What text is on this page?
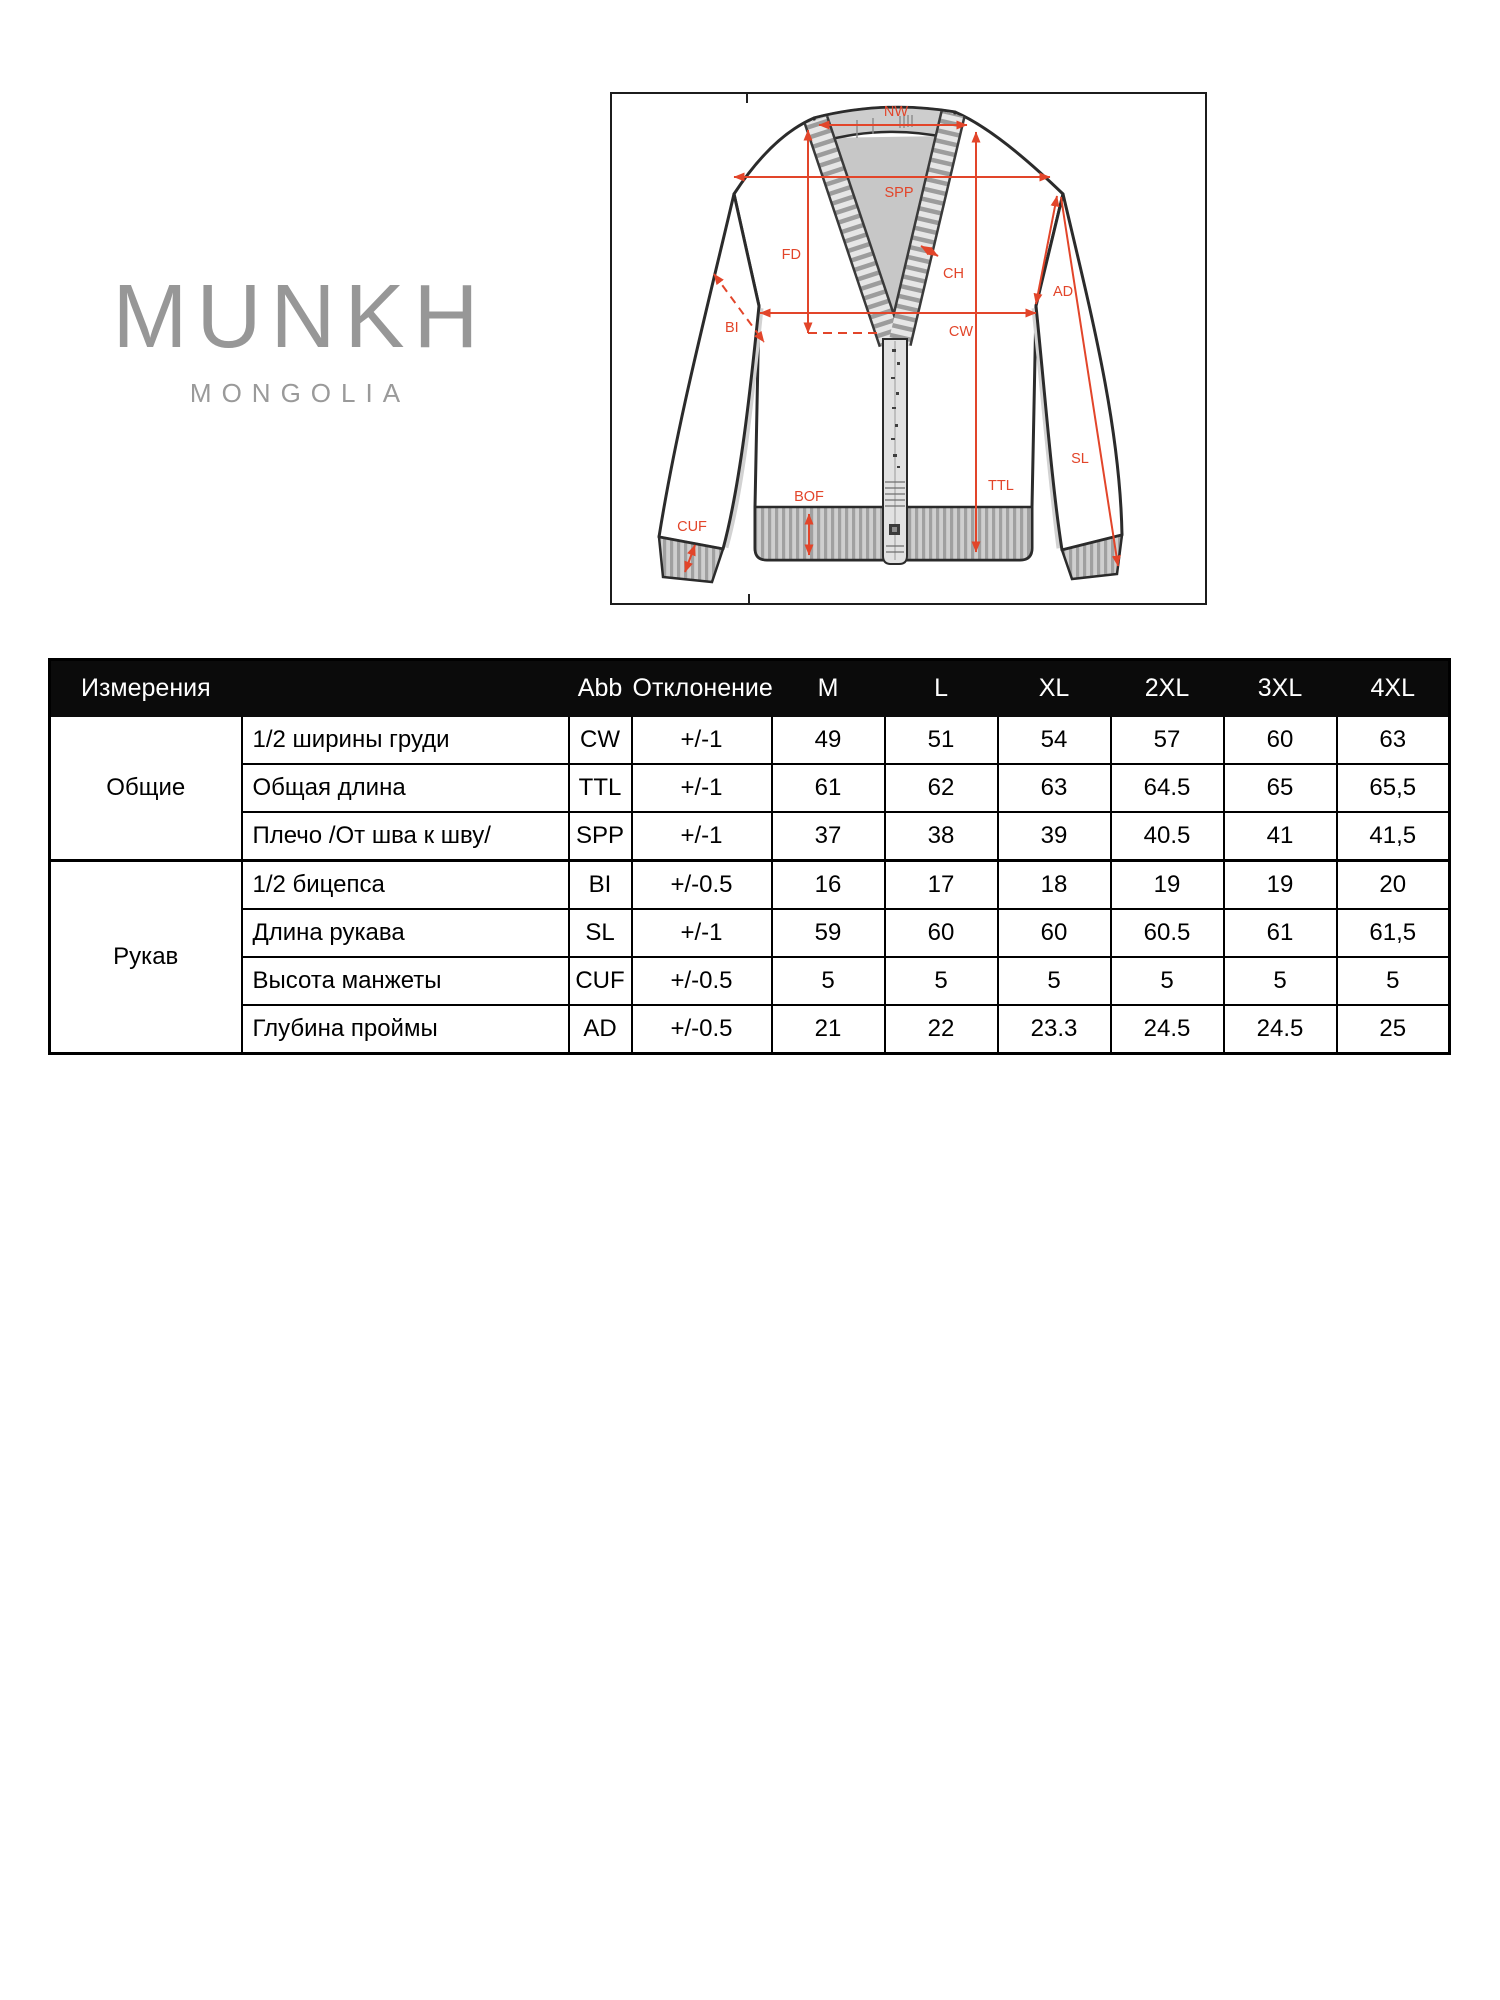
MUNKH
MONGOLIA
NW
SPP
FD
CH
CW
BI
AD
TTL
SL
BOF
CUF
Измерения		Abb	Отклонение	M	L	XL	2XL	3XL	4XL
Общие	1/2 ширины груди	CW	+/-1	49	51	54	57	60	63
	Общая длина	TTL	+/-1	61	62	63	64.5	65	65,5
	Плечо /От шва к шву/	SPP	+/-1	37	38	39	40.5	41	41,5
Рукав	1/2 бицепса	BI	+/-0.5	16	17	18	19	19	20
	Длина рукава	SL	+/-1	59	60	60	60.5	61	61,5
	Высота манжеты	CUF	+/-0.5	5	5	5	5	5	5
	Глубина проймы	AD	+/-0.5	21	22	23.3	24.5	24.5	25
